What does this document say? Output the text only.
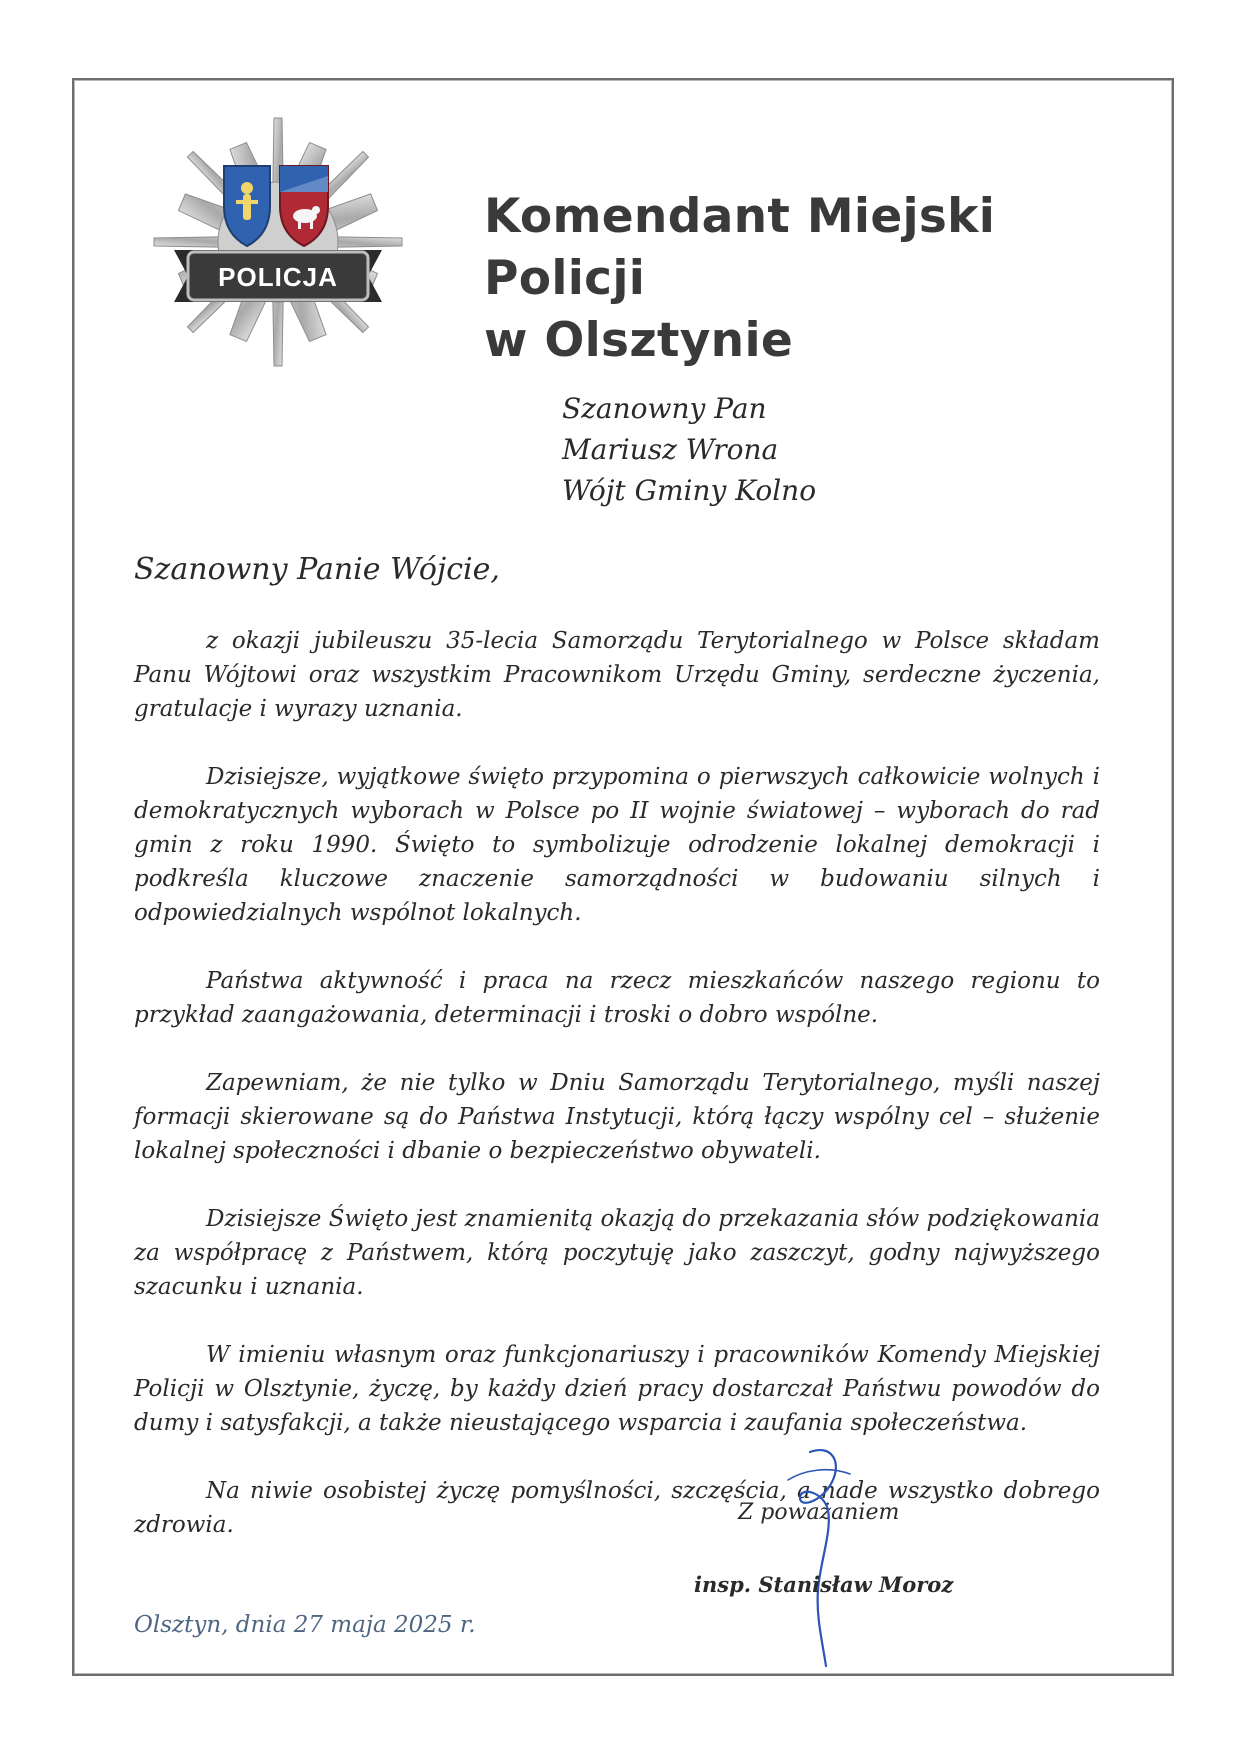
POLICJA
Komendant Miejski Policji
w Olsztynie
Szanowny Pan
Mariusz Wrona
Wójt Gminy Kolno
Szanowny Panie Wójcie,

z okazji jubileuszu 35-lecia Samorządu Terytorialnego w Polsce składam Panu Wójtowi oraz wszystkim Pracownikom Urzędu Gminy, serdeczne życzenia, gratulacje i wyrazy uznania.

Dzisiejsze, wyjątkowe święto przypomina o pierwszych całkowicie wolnych i demokratycznych wyborach w Polsce po II wojnie światowej – wyborach do rad gmin z roku 1990. Święto to symbolizuje odrodzenie lokalnej demokracji i podkreśla kluczowe znaczenie samorządności w budowaniu silnych i odpowiedzialnych wspólnot lokalnych.

Państwa aktywność i praca na rzecz mieszkańców naszego regionu to przykład zaangażowania, determinacji i troski o dobro wspólne.

Zapewniam, że nie tylko w Dniu Samorządu Terytorialnego, myśli naszej formacji skierowane są do Państwa Instytucji, którą łączy wspólny cel – służenie lokalnej społeczności i dbanie o bezpieczeństwo obywateli.

Dzisiejsze Święto jest znamienitą okazją do przekazania słów podziękowania za współpracę z Państwem, którą poczytuję jako zaszczyt, godny najwyższego szacunku i uznania.

W imieniu własnym oraz funkcjonariuszy i pracowników Komendy Miejskiej Policji w Olsztynie, życzę, by każdy dzień pracy dostarczał Państwu powodów do dumy i satysfakcji, a także nieustającego wsparcia i zaufania społeczeństwa.

Na niwie osobistej życzę pomyślności, szczęścia, a nade wszystko dobrego zdrowia.	Z poważaniem
insp. Stanisław Moroz
Olsztyn, dnia 27 maja 2025 r.
